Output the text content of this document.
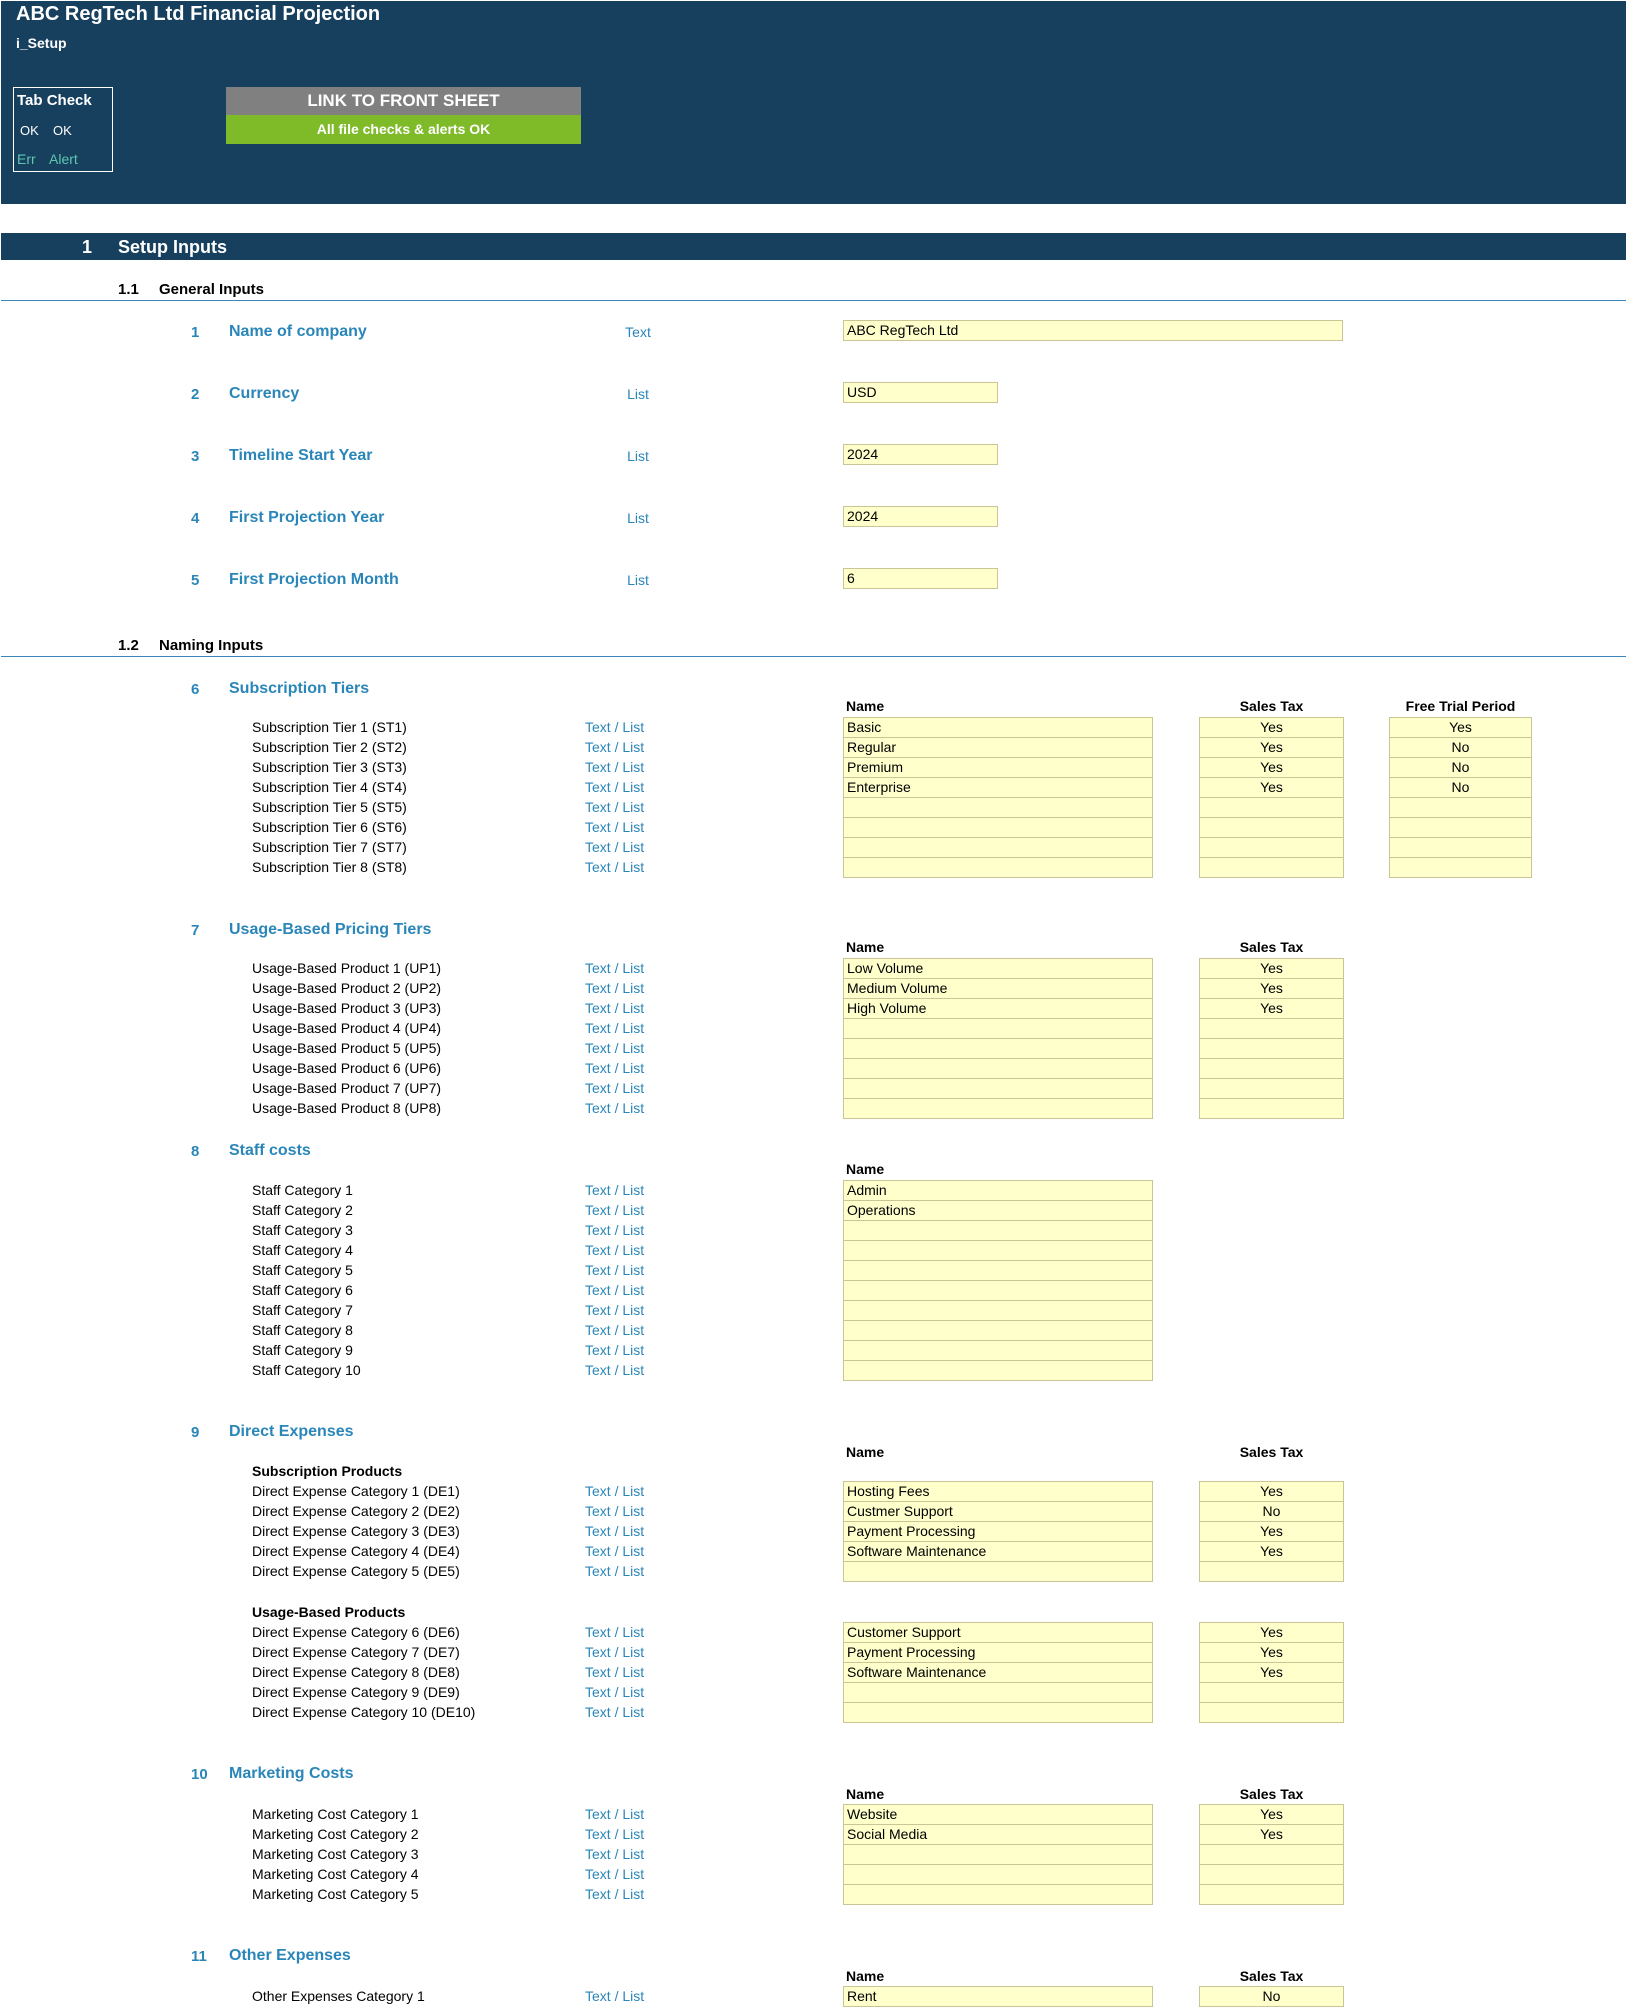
ABC RegTech Ltd Financial Projection
i_Setup
Tab Check
OK OK
Err Alert
LINK TO FRONT SHEET
All file checks & alerts OK
1 Setup Inputs
1.1 General Inputs
1 Name of company	Text	ABC RegTech Ltd
2 Currency	List	USD
3 Timeline Start Year	List	2024
4 First Projection Year	List	2024
5 First Projection Month	List	6
1.2 Naming Inputs
6 Subscription Tiers
Name	Sales Tax	Free Trial Period
Subscription Tier 1 (ST1)	Text / List	Basic	Yes	Yes
Subscription Tier 2 (ST2)	Text / List	Regular	Yes	No
Subscription Tier 3 (ST3)	Text / List	Premium	Yes	No
Subscription Tier 4 (ST4)	Text / List	Enterprise	Yes	No
Subscription Tier 5 (ST5)	Text / List
Subscription Tier 6 (ST6)	Text / List
Subscription Tier 7 (ST7)	Text / List
Subscription Tier 8 (ST8)	Text / List
7 Usage-Based Pricing Tiers
Name	Sales Tax
Usage-Based Product 1 (UP1)	Text / List	Low Volume	Yes
Usage-Based Product 2 (UP2)	Text / List	Medium Volume	Yes
Usage-Based Product 3 (UP3)	Text / List	High Volume	Yes
Usage-Based Product 4 (UP4)	Text / List
Usage-Based Product 5 (UP5)	Text / List
Usage-Based Product 6 (UP6)	Text / List
Usage-Based Product 7 (UP7)	Text / List
Usage-Based Product 8 (UP8)	Text / List
8 Staff costs
Name
Staff Category 1	Text / List	Admin
Staff Category 2	Text / List	Operations
Staff Category 3	Text / List
Staff Category 4	Text / List
Staff Category 5	Text / List
Staff Category 6	Text / List
Staff Category 7	Text / List
Staff Category 8	Text / List
Staff Category 9	Text / List
Staff Category 10	Text / List
9 Direct Expenses
Name	Sales Tax
Subscription Products
Direct Expense Category 1 (DE1)	Text / List	Hosting Fees	Yes
Direct Expense Category 2 (DE2)	Text / List	Custmer Support	No
Direct Expense Category 3 (DE3)	Text / List	Payment Processing	Yes
Direct Expense Category 4 (DE4)	Text / List	Software Maintenance	Yes
Direct Expense Category 5 (DE5)	Text / List
Usage-Based Products
Direct Expense Category 6 (DE6)	Text / List	Customer Support	Yes
Direct Expense Category 7 (DE7)	Text / List	Payment Processing	Yes
Direct Expense Category 8 (DE8)	Text / List	Software Maintenance	Yes
Direct Expense Category 9 (DE9)	Text / List
Direct Expense Category 10 (DE10)	Text / List
10 Marketing Costs
Name	Sales Tax
Marketing Cost Category 1	Text / List	Website	Yes
Marketing Cost Category 2	Text / List	Social Media	Yes
Marketing Cost Category 3	Text / List
Marketing Cost Category 4	Text / List
Marketing Cost Category 5	Text / List
11 Other Expenses
Name	Sales Tax
Other Expenses Category 1	Text / List	Rent	No
